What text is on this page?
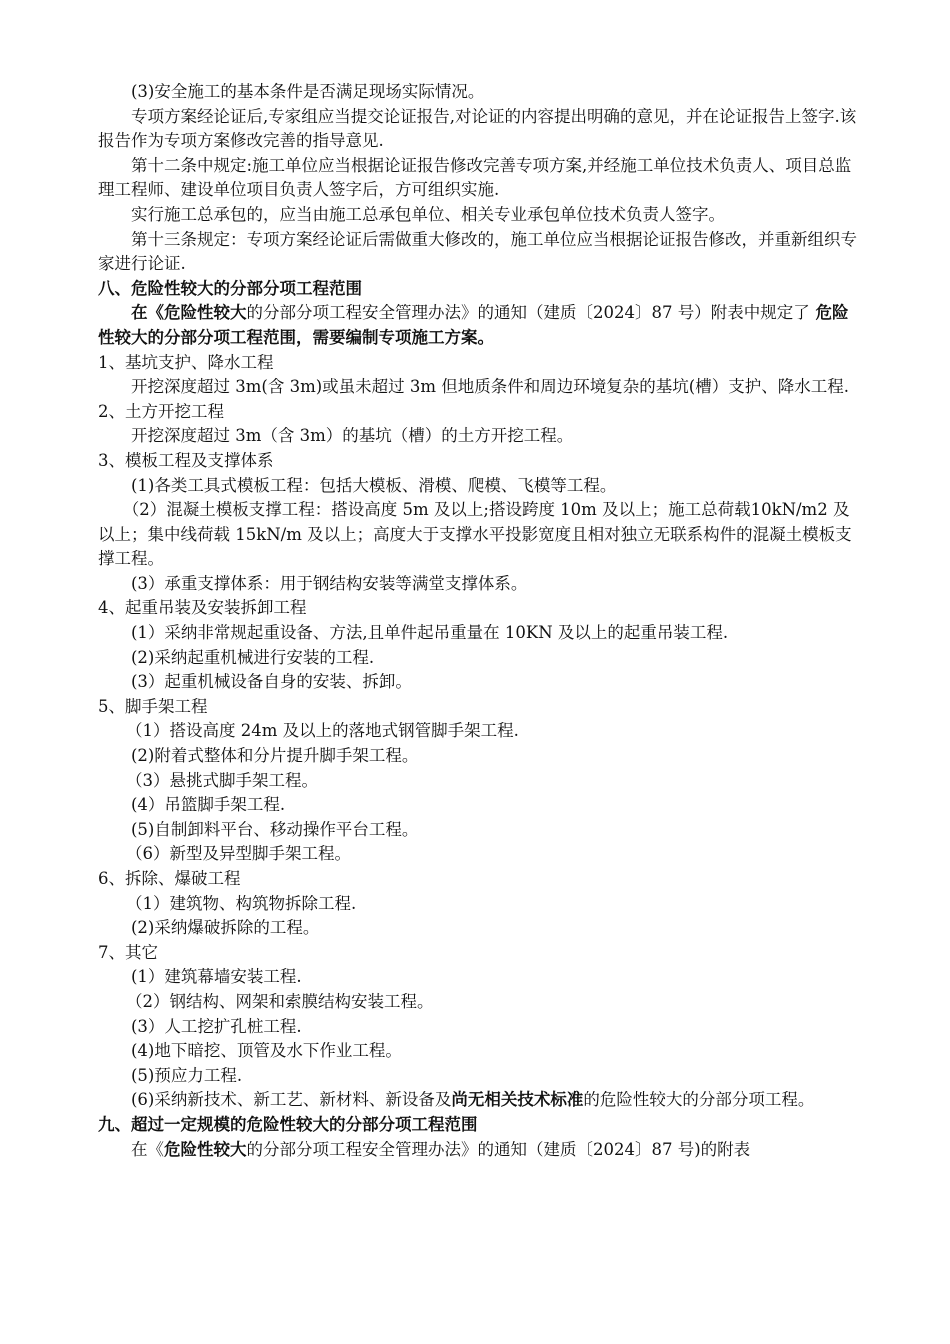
(3)安全施工的基本条件是否满足现场实际情况。

专项方案经论证后,专家组应当提交论证报告,对论证的内容提出明确的意见，并在论证报告上签字.该报告作为专项方案修改完善的指导意见.

第十二条中规定:施工单位应当根据论证报告修改完善专项方案,并经施工单位技术负责人、项目总监理工程师、建设单位项目负责人签字后，方可组织实施.

实行施工总承包的，应当由施工总承包单位、相关专业承包单位技术负责人签字。

第十三条规定：专项方案经论证后需做重大修改的，施工单位应当根据论证报告修改，并重新组织专家进行论证.

八、危险性较大的分部分项工程范围

在《危险性较大的分部分项工程安全管理办法》的通知（建质〔2024〕87 号）附表中规定了 危险性较大的分部分项工程范围，需要编制专项施工方案。

1、基坑支护、降水工程

开挖深度超过 3m(含 3m)或虽未超过 3m 但地质条件和周边环境复杂的基坑(槽）支护、降水工程.

2、土方开挖工程

开挖深度超过 3m（含 3m）的基坑（槽）的土方开挖工程。

3、模板工程及支撑体系

(1)各类工具式模板工程：包括大模板、滑模、爬模、飞模等工程。

（2）混凝土模板支撑工程：搭设高度 5m 及以上;搭设跨度 10m 及以上；施工总荷载10kN/m2 及以上；集中线荷载 15kN/m 及以上；高度大于支撑水平投影宽度且相对独立无联系构件的混凝土模板支撑工程。

(3）承重支撑体系：用于钢结构安装等满堂支撑体系。

4、起重吊装及安装拆卸工程

(1）采纳非常规起重设备、方法,且单件起吊重量在 10KN 及以上的起重吊装工程.

(2)采纳起重机械进行安装的工程.

(3）起重机械设备自身的安装、拆卸。

5、脚手架工程

（1）搭设高度 24m 及以上的落地式钢管脚手架工程.

(2)附着式整体和分片提升脚手架工程。

（3）悬挑式脚手架工程。

(4）吊篮脚手架工程.

(5)自制卸料平台、移动操作平台工程。

（6）新型及异型脚手架工程。

6、拆除、爆破工程

（1）建筑物、构筑物拆除工程.

(2)采纳爆破拆除的工程。

7、其它

(1）建筑幕墙安装工程.

（2）钢结构、网架和索膜结构安装工程。

(3）人工挖扩孔桩工程.

(4)地下暗挖、顶管及水下作业工程。

(5)预应力工程.

(6)采纳新技术、新工艺、新材料、新设备及尚无相关技术标准的危险性较大的分部分项工程。

九、超过一定规模的危险性较大的分部分项工程范围

在《危险性较大的分部分项工程安全管理办法》的通知（建质〔2024〕87 号)的附表
